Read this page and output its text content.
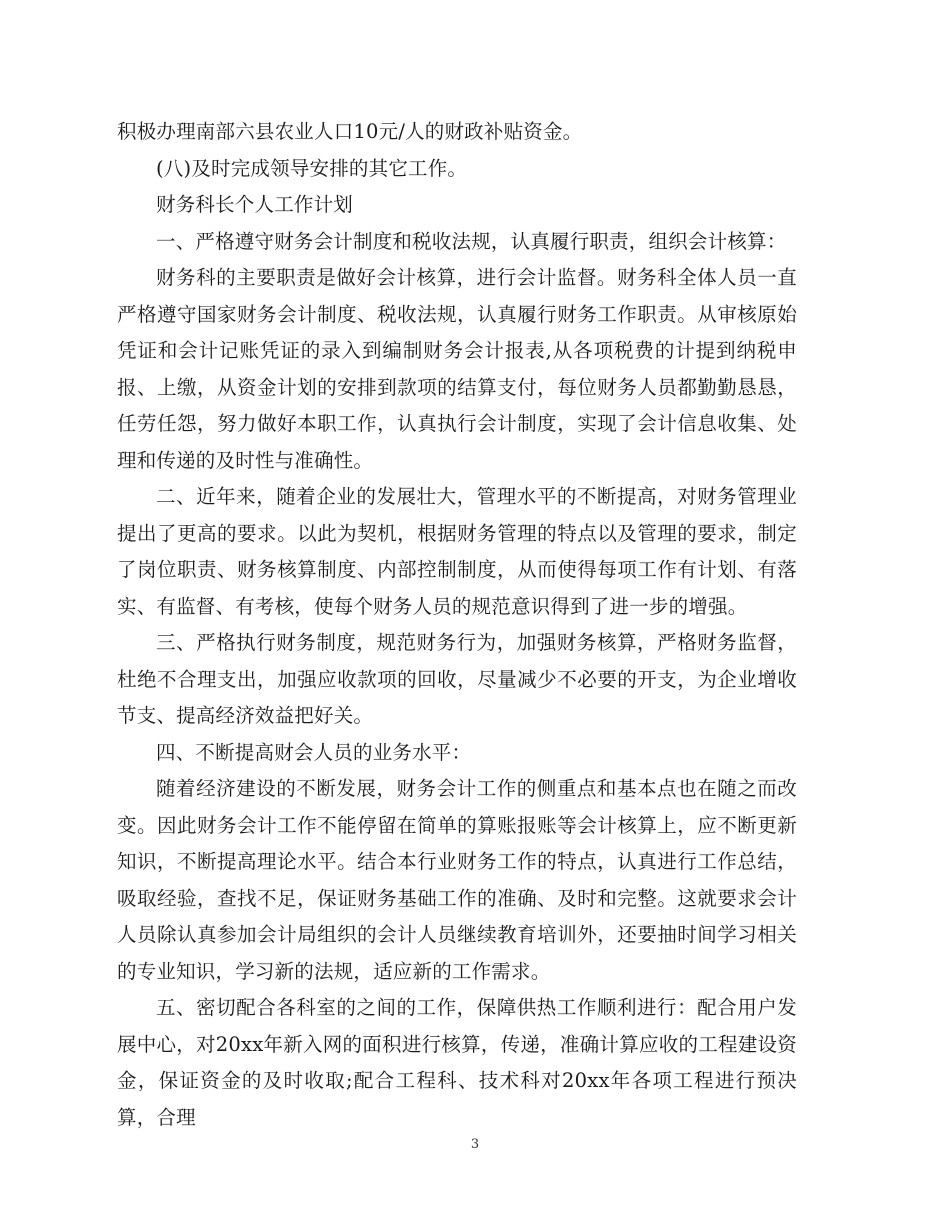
积极办理南部六县农业人口10元/人的财政补贴资金。

(八)及时完成领导安排的其它工作。

财务科长个人工作计划

一、严格遵守财务会计制度和税收法规，认真履行职责，组织会计核算：

财务科的主要职责是做好会计核算，进行会计监督。财务科全体人员一直严格遵守国家财务会计制度、税收法规，认真履行财务工作职责。从审核原始凭证和会计记账凭证的录入到编制财务会计报表,从各项税费的计提到纳税申报、上缴，从资金计划的安排到款项的结算支付，每位财务人员都勤勤恳恳，任劳任怨，努力做好本职工作，认真执行会计制度，实现了会计信息收集、处理和传递的及时性与准确性。

二、近年来，随着企业的发展壮大，管理水平的不断提高，对财务管理业提出了更高的要求。以此为契机，根据财务管理的特点以及管理的要求，制定了岗位职责、财务核算制度、内部控制制度，从而使得每项工作有计划、有落实、有监督、有考核，使每个财务人员的规范意识得到了进一步的增强。

三、严格执行财务制度，规范财务行为，加强财务核算，严格财务监督，杜绝不合理支出，加强应收款项的回收，尽量减少不必要的开支，为企业增收节支、提高经济效益把好关。

四、不断提高财会人员的业务水平：

随着经济建设的不断发展，财务会计工作的侧重点和基本点也在随之而改变。因此财务会计工作不能停留在简单的算账报账等会计核算上，应不断更新知识，不断提高理论水平。结合本行业财务工作的特点，认真进行工作总结，吸取经验，查找不足，保证财务基础工作的准确、及时和完整。这就要求会计人员除认真参加会计局组织的会计人员继续教育培训外，还要抽时间学习相关的专业知识，学习新的法规，适应新的工作需求。

五、密切配合各科室的之间的工作，保障供热工作顺利进行：配合用户发展中心，对20xx年新入网的面积进行核算，传递，准确计算应收的工程建设资金，保证资金的及时收取;配合工程科、技术科对20xx年各项工程进行预决算，合理

3
